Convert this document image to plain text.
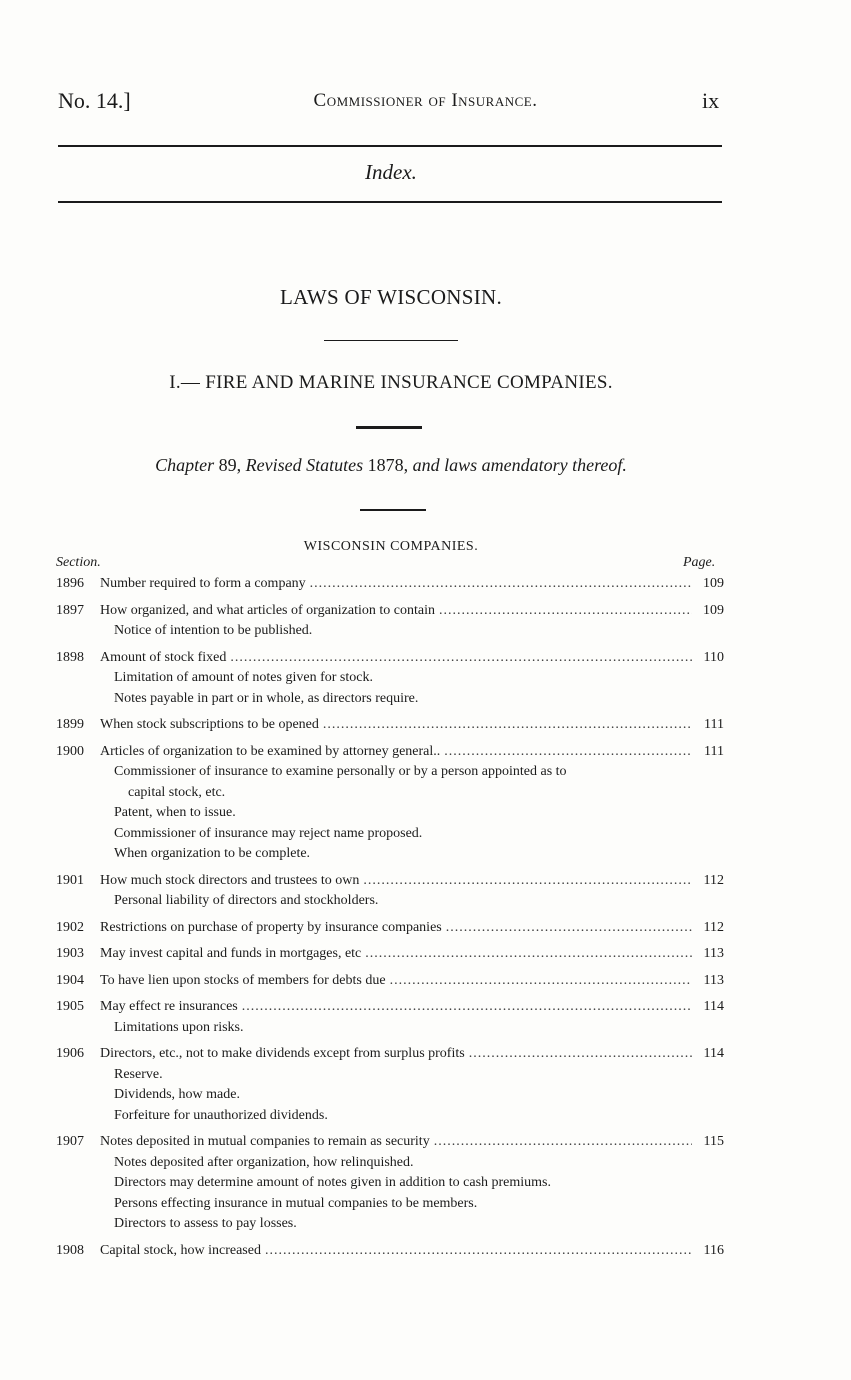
No. 14.]	Commissioner of Insurance.	ix
Index.
LAWS OF WISCONSIN.
I.— FIRE AND MARINE INSURANCE COMPANIES.
Chapter 89, Revised Statutes 1878, and laws amendatory thereof.
WISCONSIN COMPANIES.
Section.	Page.
1896	Number required to form a company .....	109
1897	How organized, and what articles of organization to contain .....	109
Notice of intention to be published.
1898	Amount of stock fixed .....	110
Limitation of amount of notes given for stock.
Notes payable in part or in whole, as directors require.
1899	When stock subscriptions to be opened .....	111
1900	Articles of organization to be examined by attorney general.. .....	111
Commissioner of insurance to examine personally or by a person appointed as to
capital stock, etc.
Patent, when to issue.
Commissioner of insurance may reject name proposed.
When organization to be complete.
1901	How much stock directors and trustees to own .....	112
Personal liability of directors and stockholders.
1902	Restrictions on purchase of property by insurance companies .....	112
1903	May invest capital and funds in mortgages, etc .....	113
1904	To have lien upon stocks of members for debts due .....	113
1905	May effect re insurances .....	114
Limitations upon risks.
1906	Directors, etc., not to make dividends except from surplus profits .....	114
Reserve.
Dividends, how made.
Forfeiture for unauthorized dividends.
1907	Notes deposited in mutual companies to remain as security .....	115
Notes deposited after organization, how relinquished.
Directors may determine amount of notes given in addition to cash premiums.
Persons effecting insurance in mutual companies to be members.
Directors to assess to pay losses.
1908	Capital stock, how increased .....	116
